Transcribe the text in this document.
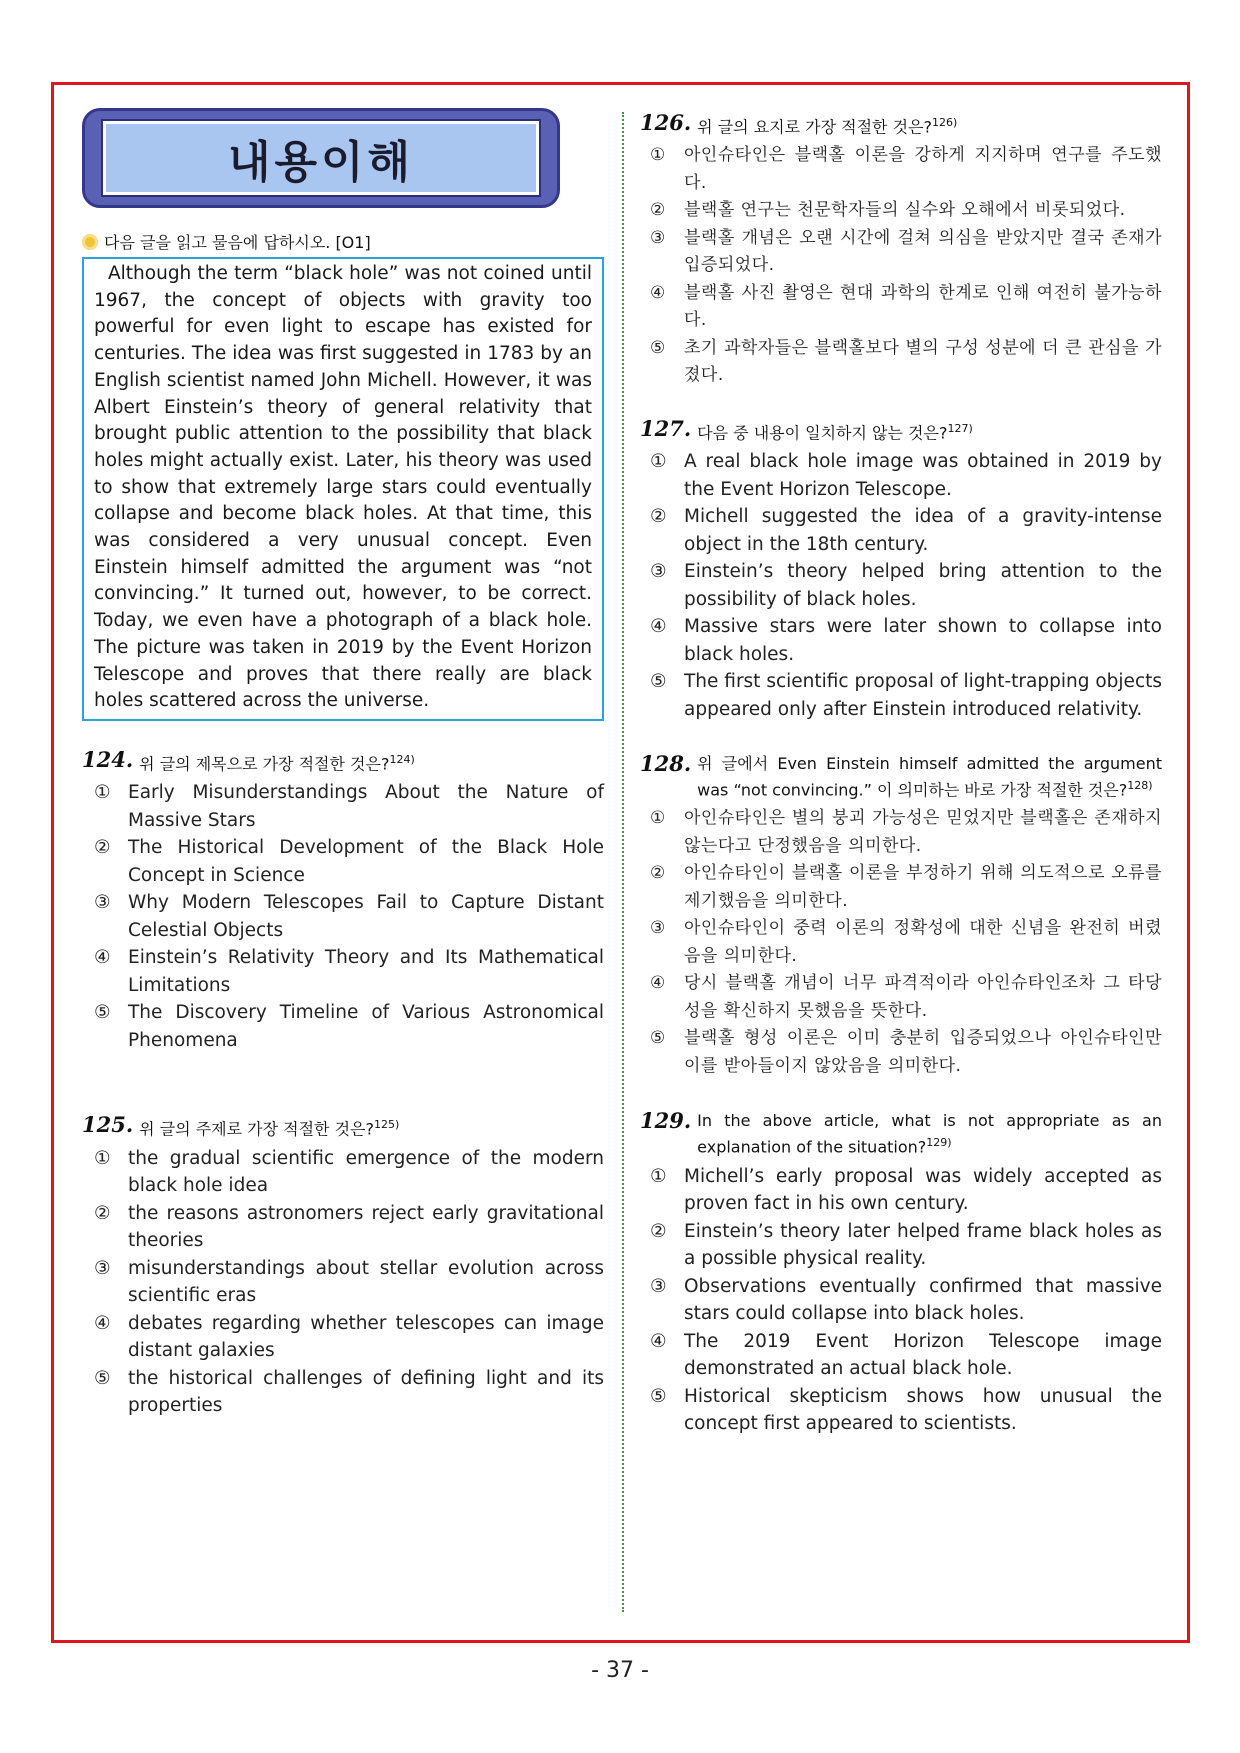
내용이해
다음 글을 읽고 물음에 답하시오. [O1]
Although the term “black hole” was not coined until 1967, the concept of objects with gravity too powerful for even light to escape has existed for centuries. The idea was first suggested in 1783 by an English scientist named John Michell. However, it was Albert Einstein’s theory of general relativity that brought public attention to the possibility that black holes might actually exist. Later, his theory was used to show that extremely large stars could eventually collapse and become black holes. At that time, this was considered a very unusual concept. Even Einstein himself admitted the argument was “not convincing.” It turned out, however, to be correct. Today, we even have a photograph of a black hole. The picture was taken in 2019 by the Event Horizon Telescope and proves that there really are black holes scattered across the universe.
124. 위 글의 제목으로 가장 적절한 것은?$^{124)}$
① Early Misunderstandings About the Nature of Massive Stars
② The Historical Development of the Black Hole Concept in Science
③ Why Modern Telescopes Fail to Capture Distant Celestial Objects
④ Einstein’s Relativity Theory and Its Mathematical Limitations
⑤ The Discovery Timeline of Various Astronomical Phenomena
125. 위 글의 주제로 가장 적절한 것은?$^{125)}$
① the gradual scientific emergence of the modern black hole idea
② the reasons astronomers reject early gravitational theories
③ misunderstandings about stellar evolution across scientific eras
④ debates regarding whether telescopes can image distant galaxies
⑤ the historical challenges of defining light and its properties
126. 위 글의 요지로 가장 적절한 것은?$^{126)}$
①	아인슈타인은 블랙홀 이론을 강하게 지지하며 연구를 주도했다.
②	블랙홀 연구는 천문학자들의 실수와 오해에서 비롯되었다.
③	블랙홀 개념은 오랜 시간에 걸쳐 의심을 받았지만 결국 존재가 입증되었다.
④	블랙홀 사진 촬영은 현대 과학의 한계로 인해 여전히 불가능하다.
⑤	초기 과학자들은 블랙홀보다 별의 구성 성분에 더 큰 관심을 가졌다.
127. 다음 중 내용이 일치하지 않는 것은?$^{127)}$
① A real black hole image was obtained in 2019 by the Event Horizon Telescope.
② Michell suggested the idea of a gravity-intense object in the 18th century.
③ Einstein’s theory helped bring attention to the possibility of black holes.
④ Massive stars were later shown to collapse into black holes.
⑤ The first scientific proposal of light-trapping objects appeared only after Einstein introduced relativity.
128. 위 글에서 Even Einstein himself admitted the argument was “not convincing.” 이 의미하는 바로 가장 적절한 것은?$^{128)}$
①	아인슈타인은 별의 붕괴 가능성은 믿었지만 블랙홀은 존재하지 않는다고 단정했음을 의미한다.
②	아인슈타인이 블랙홀 이론을 부정하기 위해 의도적으로 오류를 제기했음을 의미한다.
③	아인슈타인이 중력 이론의 정확성에 대한 신념을 완전히 버렸음을 의미한다.
④	당시 블랙홀 개념이 너무 파격적이라 아인슈타인조차 그 타당성을 확신하지 못했음을 뜻한다.
⑤	블랙홀 형성 이론은 이미 충분히 입증되었으나 아인슈타인만 이를 받아들이지 않았음을 의미한다.
129. In the above article, what is not appropriate as an explanation of the situation?$^{129)}$
① Michell’s early proposal was widely accepted as proven fact in his own century.
② Einstein’s theory later helped frame black holes as a possible physical reality.
③ Observations eventually confirmed that massive stars could collapse into black holes.
④ The 2019 Event Horizon Telescope image demonstrated an actual black hole.
⑤ Historical skepticism shows how unusual the concept first appeared to scientists.
- 37 -
